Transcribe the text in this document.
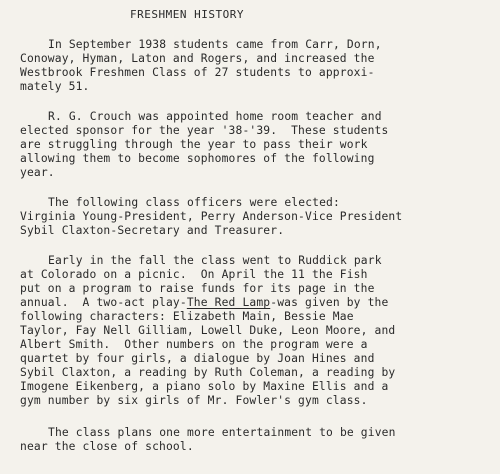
FRESHMEN HISTORY
In September 1938 students came from Carr, Dorn,
Conoway, Hyman, Laton and Rogers, and increased the
Westbrook Freshmen Class of 27 students to approxi-
mately 51.
R. G. Crouch was appointed home room teacher and
elected sponsor for the year '38-'39.  These students
are struggling through the year to pass their work
allowing them to become sophomores of the following
year.
The following class officers were elected:
Virginia Young-President, Perry Anderson-Vice President
Sybil Claxton-Secretary and Treasurer.
Early in the fall the class went to Ruddick park
at Colorado on a picnic.  On April the 11 the Fish
put on a program to raise funds for its page in the
annual.  A two-act play-The Red Lamp-was given by the
following characters: Elizabeth Main, Bessie Mae
Taylor, Fay Nell Gilliam, Lowell Duke, Leon Moore, and
Albert Smith.  Other numbers on the program were a
quartet by four girls, a dialogue by Joan Hines and
Sybil Claxton, a reading by Ruth Coleman, a reading by
Imogene Eikenberg, a piano solo by Maxine Ellis and a
gym number by six girls of Mr. Fowler's gym class.
The class plans one more entertainment to be given
near the close of school.
